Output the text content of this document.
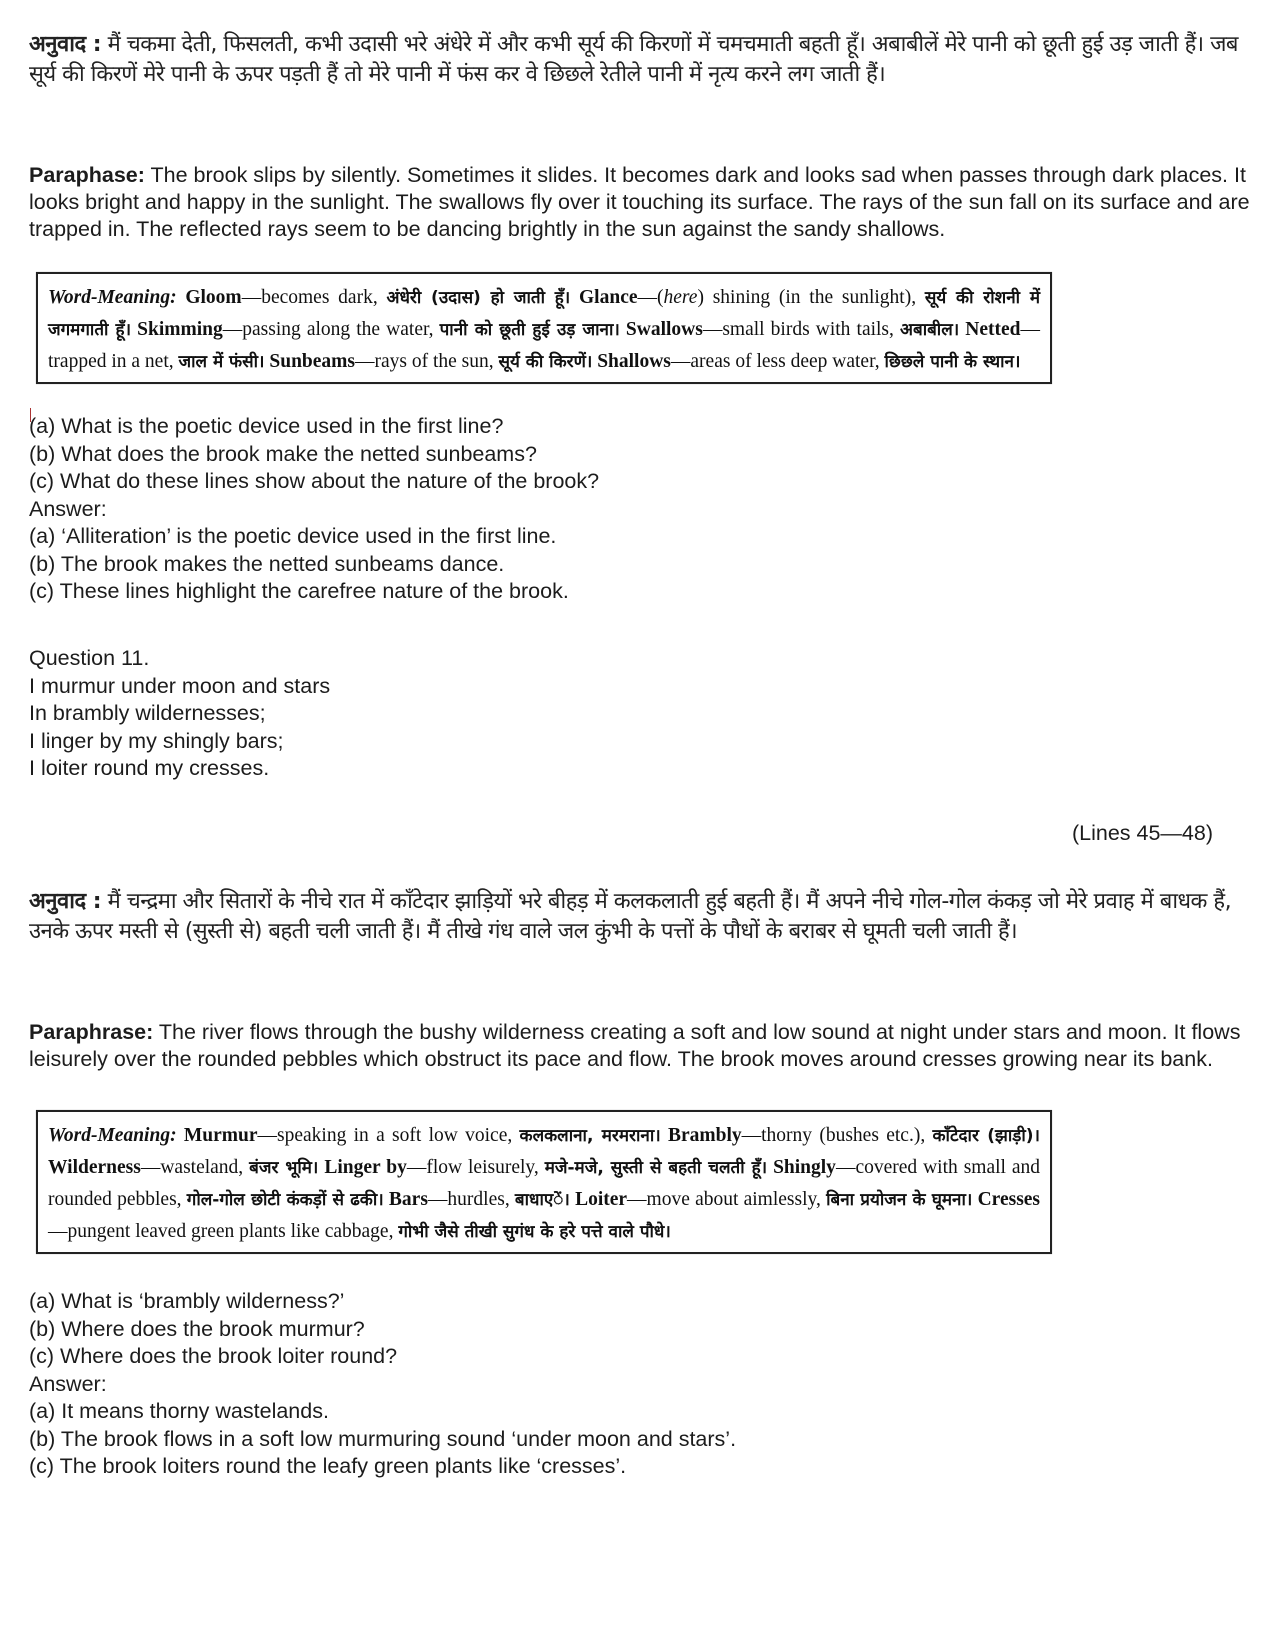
अनुवाद : मैं चकमा देती, फिसलती, कभी उदासी भरे अंधेरे में और कभी सूर्य की किरणों में चमचमाती बहती हूँ। अबाबीलें मेरे पानी को छूती हुई उड़ जाती हैं। जब सूर्य की किरणें मेरे पानी के ऊपर पड़ती हैं तो मेरे पानी में फंस कर वे छिछले रेतीले पानी में नृत्य करने लग जाती हैं।
Paraphase: The brook slips by silently. Sometimes it slides. It becomes dark and looks sad when passes through dark places. It looks bright and happy in the sunlight. The swallows fly over it touching its surface. The rays of the sun fall on its surface and are trapped in. The reflected rays seem to be dancing brightly in the sun against the sandy shallows.
Word-Meaning: Gloom—becomes dark, अंधेरी (उदास) हो जाती हूँ। Glance—(here) shining (in the sunlight), सूर्य की रोशनी में जगमगाती हूँ। Skimming—passing along the water, पानी को छूती हुई उड़ जाना। Swallows—small birds with tails, अबाबील। Netted—trapped in a net, जाल में फंसी। Sunbeams—rays of the sun, सूर्य की किरणें। Shallows—areas of less deep water, छिछले पानी के स्थान।
(a) What is the poetic device used in the first line?
(b) What does the brook make the netted sunbeams?
(c) What do these lines show about the nature of the brook?
Answer:
(a) ‘Alliteration’ is the poetic device used in the first line.
(b) The brook makes the netted sunbeams dance.
(c) These lines highlight the carefree nature of the brook.
Question 11.
I murmur under moon and stars
In brambly wildernesses;
I linger by my shingly bars;
I loiter round my cresses.
(Lines 45—48)
अनुवाद : मैं चन्द्रमा और सितारों के नीचे रात में काँटेदार झाड़ियों भरे बीहड़ में कलकलाती हुई बहती हैं। मैं अपने नीचे गोल-गोल कंकड़ जो मेरे प्रवाह में बाधक हैं, उनके ऊपर मस्ती से (सुस्ती से) बहती चली जाती हैं। मैं तीखे गंध वाले जल कुंभी के पत्तों के पौधों के बराबर से घूमती चली जाती हैं।
Paraphrase: The river flows through the bushy wilderness creating a soft and low sound at night under stars and moon. It flows leisurely over the rounded pebbles which obstruct its pace and flow. The brook moves around cresses growing near its bank.
Word-Meaning: Murmur—speaking in a soft low voice, कलकलाना, मरमराना। Brambly—thorny (bushes etc.), काँटेदार (झाड़ी)। Wilderness—wasteland, बंजर भूमि। Linger by—flow leisurely, मजे-मजे, सुस्ती से बहती चलती हूँ। Shingly—covered with small and rounded pebbles, गोल-गोल छोटी कंकड़ों से ढकी। Bars—hurdles, बाधाएें। Loiter—move about aimlessly, बिना प्रयोजन के घूमना। Cresses—pungent leaved green plants like cabbage, गोभी जैसे तीखी सुगंध के हरे पत्ते वाले पौधे।
(a) What is ‘brambly wilderness?’
(b) Where does the brook murmur?
(c) Where does the brook loiter round?
Answer:
(a) It means thorny wastelands.
(b) The brook flows in a soft low murmuring sound ‘under moon and stars’.
(c) The brook loiters round the leafy green plants like ‘cresses’.
